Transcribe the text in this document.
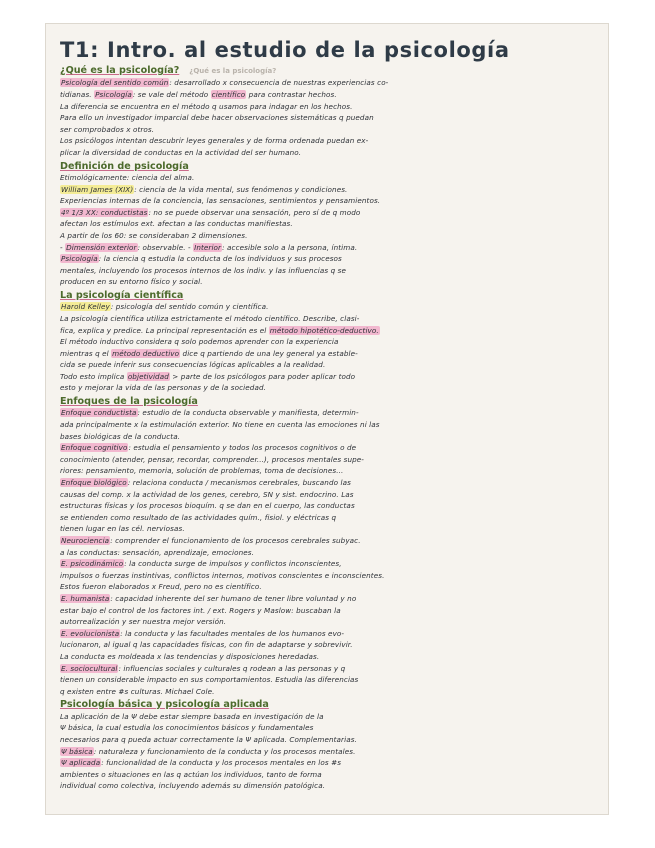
T1: Intro. al estudio de la psicología
¿Qué es la psicología? ¿Qué es la psicología?
Psicología del sentido común: desarrollado x consecuencia de nuestras experiencias co-
tidianas. Psicología: se vale del método científico para contrastar hechos.
La diferencia se encuentra en el método q usamos para indagar en los hechos.
Para ello un investigador imparcial debe hacer observaciones sistemáticas q puedan
ser comprobados x otros.
Los psicólogos intentan descubrir leyes generales y de forma ordenada puedan ex-
plicar la diversidad de conductas en la actividad del ser humano.
Definición de psicología
Etimológicamente: ciencia del alma.
William James (XIX): ciencia de la vida mental, sus fenómenos y condiciones.
Experiencias internas de la conciencia, las sensaciones, sentimientos y pensamientos.
4º 1/3 XX: conductistas: no se puede observar una sensación, pero sí de q modo
afectan los estímulos ext. afectan a las conductas manifiestas.
A partir de los 60: se consideraban 2 dimensiones.
- Dimensión exterior: observable. - Interior: accesible solo a la persona, íntima.
Psicología: la ciencia q estudia la conducta de los individuos y sus procesos
mentales, incluyendo los procesos internos de los indiv. y las influencias q se
producen en su entorno físico y social.
La psicología científica
Harold Kelley: psicología del sentido común y científica.
La psicología científica utiliza estrictamente el método científico. Describe, clasi-
fica, explica y predice. La principal representación es el método hipotético-deductivo.
El método inductivo considera q solo podemos aprender con la experiencia
mientras q el método deductivo dice q partiendo de una ley general ya estable-
cida se puede inferir sus consecuencias lógicas aplicables a la realidad.
Todo esto implica objetividad > parte de los psicólogos para poder aplicar todo
esto y mejorar la vida de las personas y de la sociedad.
Enfoques de la psicología
Enfoque conductista: estudio de la conducta observable y manifiesta, determin-
ada principalmente x la estimulación exterior. No tiene en cuenta las emociones ni las
bases biológicas de la conducta.
Enfoque cognitivo: estudia el pensamiento y todos los procesos cognitivos o de
conocimiento (atender, pensar, recordar, comprender...), procesos mentales supe-
riores: pensamiento, memoria, solución de problemas, toma de decisiones...
Enfoque biológico: relaciona conducta / mecanismos cerebrales, buscando las
causas del comp. x la actividad de los genes, cerebro, SN y sist. endocrino. Las
estructuras físicas y los procesos bioquím. q se dan en el cuerpo, las conductas
se entienden como resultado de las actividades quím., fisiol. y eléctricas q
tienen lugar en las cél. nerviosas.
Neurociencia: comprender el funcionamiento de los procesos cerebrales subyac.
a las conductas: sensación, aprendizaje, emociones.
E. psicodinámico: la conducta surge de impulsos y conflictos inconscientes,
impulsos o fuerzas instintivas, conflictos internos, motivos conscientes e inconscientes.
Estos fueron elaborados x Freud, pero no es científico.
E. humanista: capacidad inherente del ser humano de tener libre voluntad y no
estar bajo el control de los factores int. / ext. Rogers y Maslow: buscaban la
autorrealización y ser nuestra mejor versión.
E. evolucionista: la conducta y las facultades mentales de los humanos evo-
lucionaron, al igual q las capacidades físicas, con fin de adaptarse y sobrevivir.
La conducta es moldeada x las tendencias y disposiciones heredadas.
E. sociocultural: influencias sociales y culturales q rodean a las personas y q
tienen un considerable impacto en sus comportamientos. Estudia las diferencias
q existen entre #s culturas. Michael Cole.
Psicología básica y psicología aplicada
La aplicación de la Ψ debe estar siempre basada en investigación de la
Ψ básica, la cual estudia los conocimientos básicos y fundamentales
necesarios para q pueda actuar correctamente la Ψ aplicada. Complementarias.
Ψ básica: naturaleza y funcionamiento de la conducta y los procesos mentales.
Ψ aplicada: funcionalidad de la conducta y los procesos mentales en los #s
ambientes o situaciones en las q actúan los individuos, tanto de forma
individual como colectiva, incluyendo además su dimensión patológica.
